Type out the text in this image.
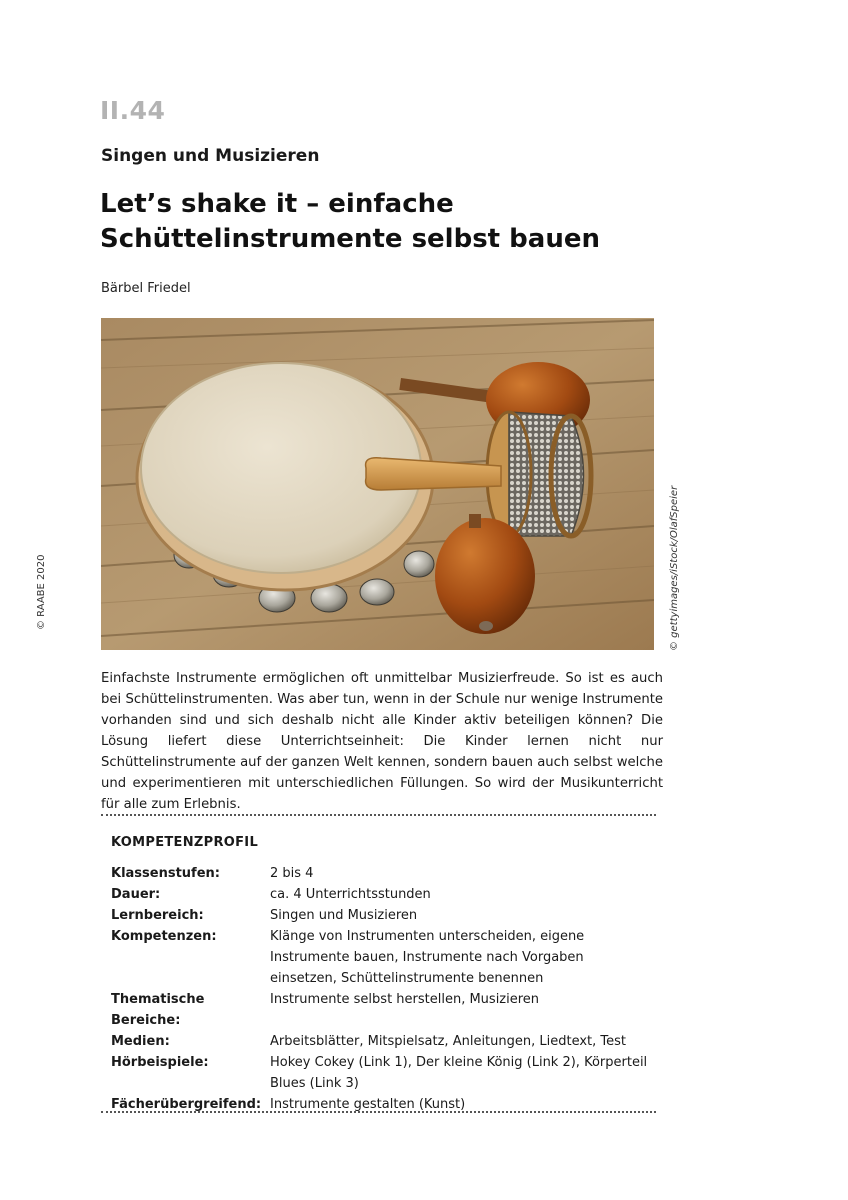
II.44
Singen und Musizieren
Let’s shake it – einfache
Schüttelinstrumente selbst bauen
Bärbel Friedel
© gettyimages/iStock/OlafSpeier
© RAABE 2020
Einfachste Instrumente ermöglichen oft unmittelbar Musizierfreude. So ist es auch bei Schüttelinstrumenten. Was aber tun, wenn in der Schule nur wenige Instrumente vorhanden sind und sich deshalb nicht alle Kinder aktiv beteiligen können? Die Lösung liefert diese Unterrichtseinheit: Die Kinder lernen nicht nur Schüttelinstrumente auf der ganzen Welt kennen, sondern bauen auch selbst welche und experimentieren mit unterschiedlichen Füllungen. So wird der Musikunterricht für alle zum Erlebnis.
KOMPETENZPROFIL
Klassenstufen:	2 bis 4
Dauer:	ca. 4 Unterrichtsstunden
Lernbereich:	Singen und Musizieren
Kompetenzen:	Klänge von Instrumenten unterscheiden, eigene Instrumente bauen, Instrumente nach Vorgaben einsetzen, Schüttelinstrumente benennen
Thematische Bereiche:
Instrumente selbst herstellen, Musizieren
Medien:	Arbeitsblätter, Mitspielsatz, Anleitungen, Liedtext, Test
Hörbeispiele:	Hokey Cokey (Link 1), Der kleine König (Link 2), Körperteil Blues (Link 3)
Fächerübergreifend: Instrumente gestalten (Kunst)
